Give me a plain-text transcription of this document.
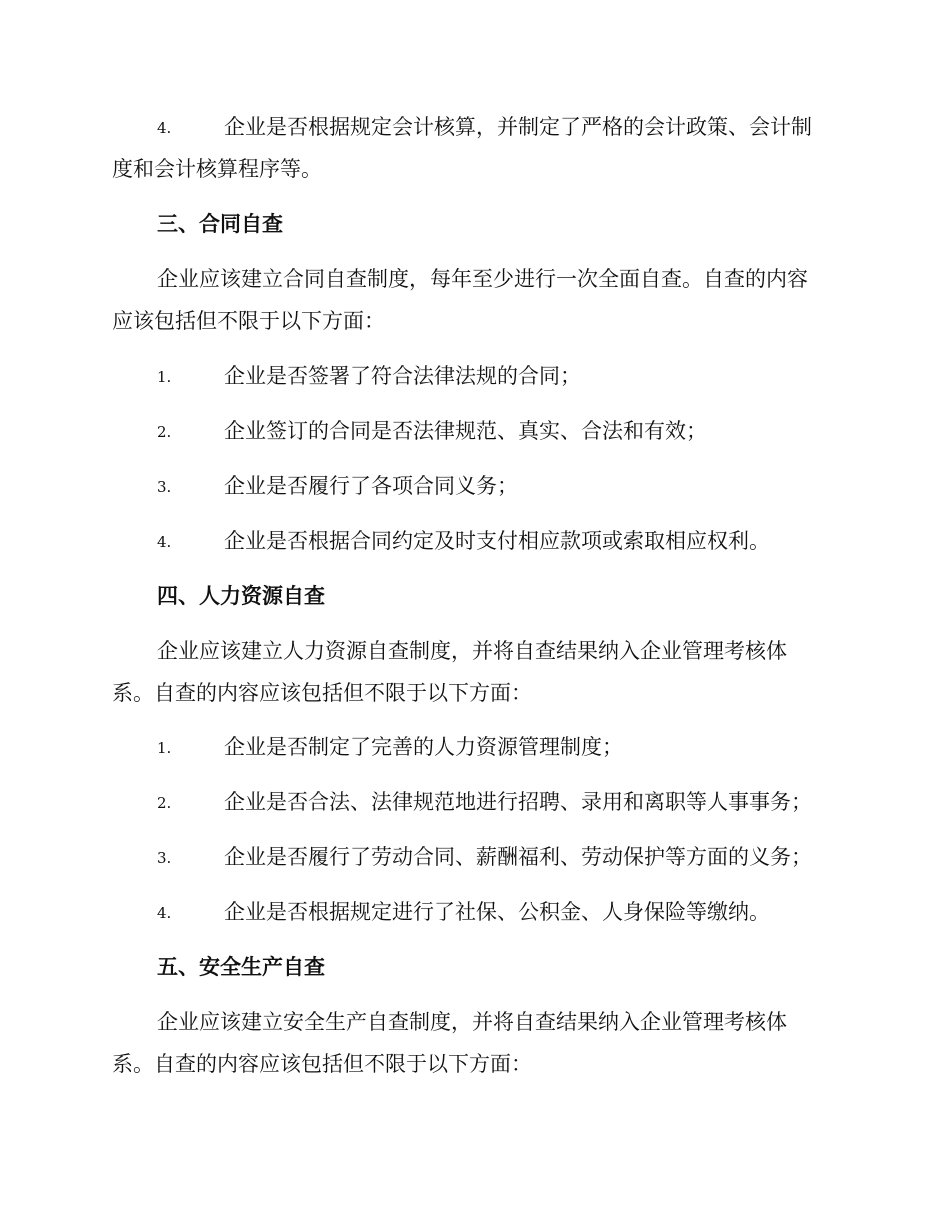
4.	企业是否根据规定会计核算，并制定了严格的会计政策、会计制
度和会计核算程序等。
三、合同自查
企业应该建立合同自查制度，每年至少进行一次全面自查。自查的内容
应该包括但不限于以下方面：
1.	企业是否签署了符合法律法规的合同；
2.	企业签订的合同是否法律规范、真实、合法和有效；
3.	企业是否履行了各项合同义务；
4.	企业是否根据合同约定及时支付相应款项或索取相应权利。
四、人力资源自查
企业应该建立人力资源自查制度，并将自查结果纳入企业管理考核体
系。自查的内容应该包括但不限于以下方面：
1.	企业是否制定了完善的人力资源管理制度；
2.	企业是否合法、法律规范地进行招聘、录用和离职等人事事务；
3.	企业是否履行了劳动合同、薪酬福利、劳动保护等方面的义务；
4.	企业是否根据规定进行了社保、公积金、人身保险等缴纳。
五、安全生产自查
企业应该建立安全生产自查制度，并将自查结果纳入企业管理考核体
系。自查的内容应该包括但不限于以下方面：
